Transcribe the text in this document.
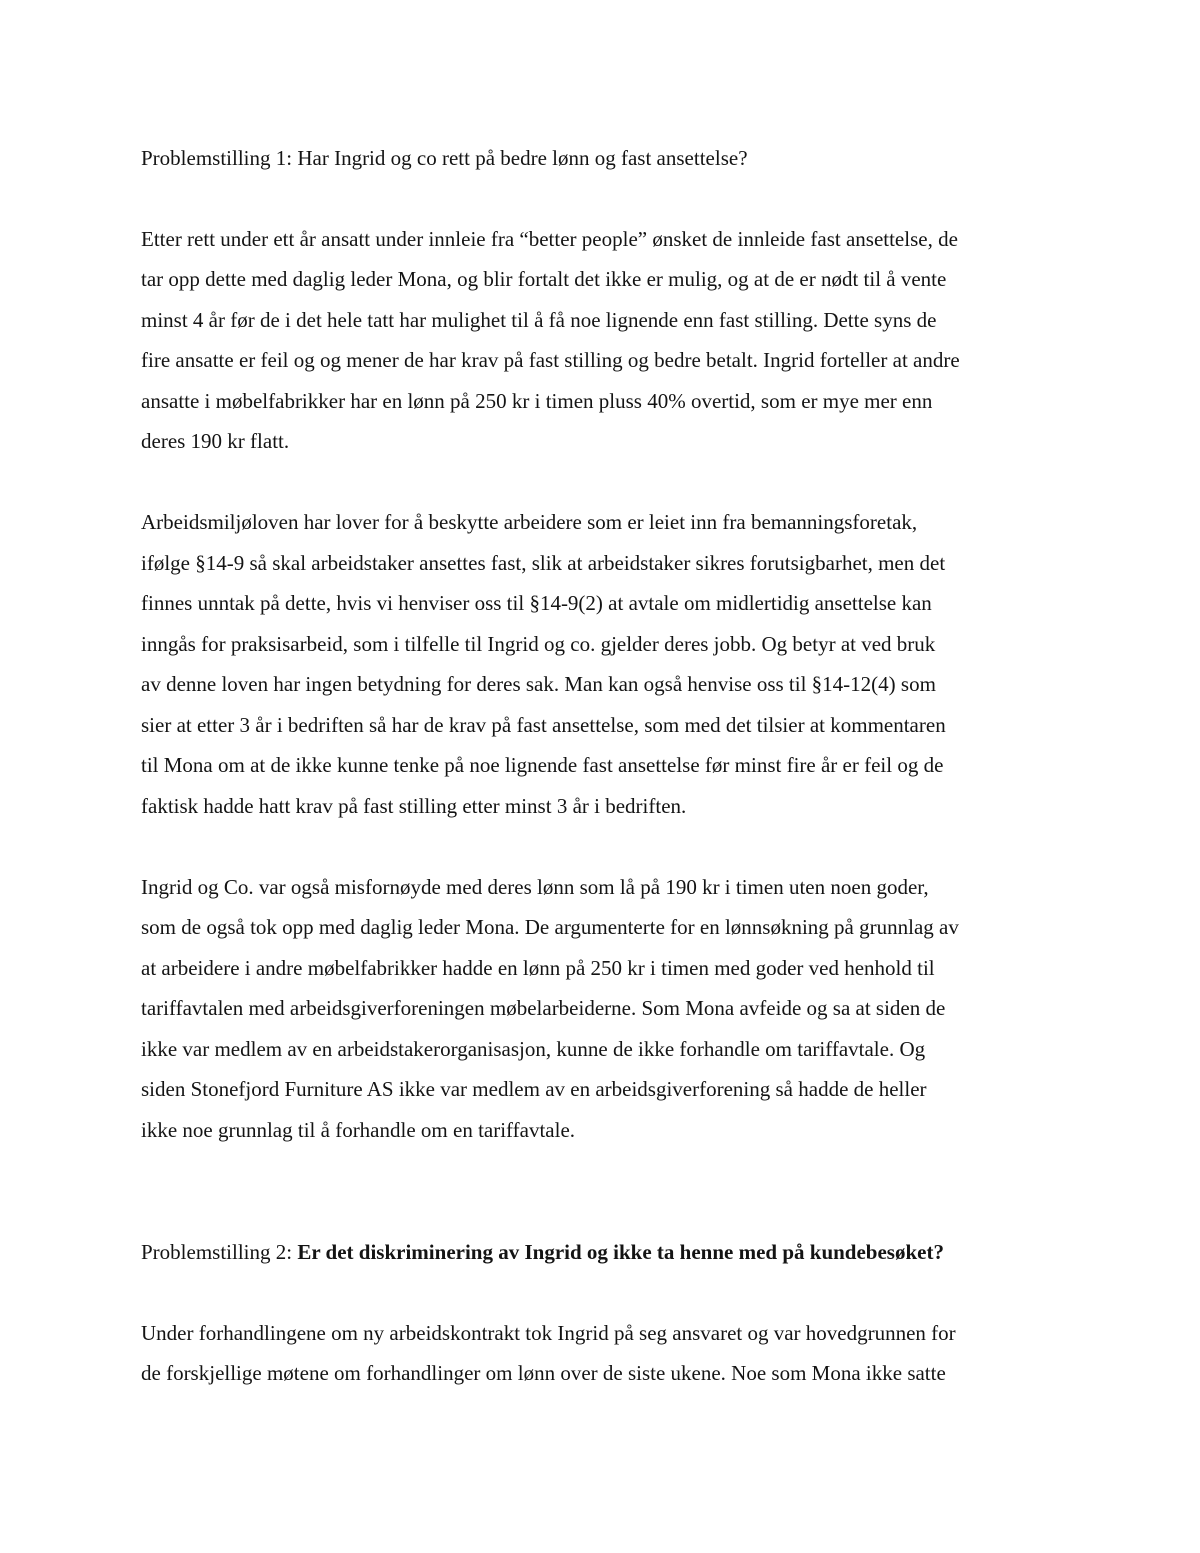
Problemstilling 1: Har Ingrid og co rett på bedre lønn og fast ansettelse?

Etter rett under ett år ansatt under innleie fra “better people” ønsket de innleide fast ansettelse, de

tar opp dette med daglig leder Mona, og blir fortalt det ikke er mulig, og at de er nødt til å vente

minst 4 år før de i det hele tatt har mulighet til å få noe lignende enn fast stilling. Dette syns de

fire ansatte er feil og og mener de har krav på fast stilling og bedre betalt. Ingrid forteller at andre

ansatte i møbelfabrikker har en lønn på 250 kr i timen pluss 40% overtid, som er mye mer enn

deres 190 kr flatt.

Arbeidsmiljøloven har lover for å beskytte arbeidere som er leiet inn fra bemanningsforetak,

ifølge §14-9 så skal arbeidstaker ansettes fast, slik at arbeidstaker sikres forutsigbarhet, men det

finnes unntak på dette, hvis vi henviser oss til §14-9(2) at avtale om midlertidig ansettelse kan

inngås for praksisarbeid, som i tilfelle til Ingrid og co. gjelder deres jobb. Og betyr at ved bruk

av denne loven har ingen betydning for deres sak. Man kan også henvise oss til §14-12(4) som

sier at etter 3 år i bedriften så har de krav på fast ansettelse, som med det tilsier at kommentaren

til Mona om at de ikke kunne tenke på noe lignende fast ansettelse før minst fire år er feil og de

faktisk hadde hatt krav på fast stilling etter minst 3 år i bedriften.

Ingrid og Co. var også misfornøyde med deres lønn som lå på 190 kr i timen uten noen goder,

som de også tok opp med daglig leder Mona. De argumenterte for en lønnsøkning på grunnlag av

at arbeidere i andre møbelfabrikker hadde en lønn på 250 kr i timen med goder ved henhold til

tariffavtalen med arbeidsgiverforeningen møbelarbeiderne. Som Mona avfeide og sa at siden de

ikke var medlem av en arbeidstakerorganisasjon, kunne de ikke forhandle om tariffavtale. Og

siden Stonefjord Furniture AS ikke var medlem av en arbeidsgiverforening så hadde de heller

ikke noe grunnlag til å forhandle om en tariffavtale.

Problemstilling 2: Er det diskriminering av Ingrid og ikke ta henne med på kundebesøket?

Under forhandlingene om ny arbeidskontrakt tok Ingrid på seg ansvaret og var hovedgrunnen for

de forskjellige møtene om forhandlinger om lønn over de siste ukene. Noe som Mona ikke satte
